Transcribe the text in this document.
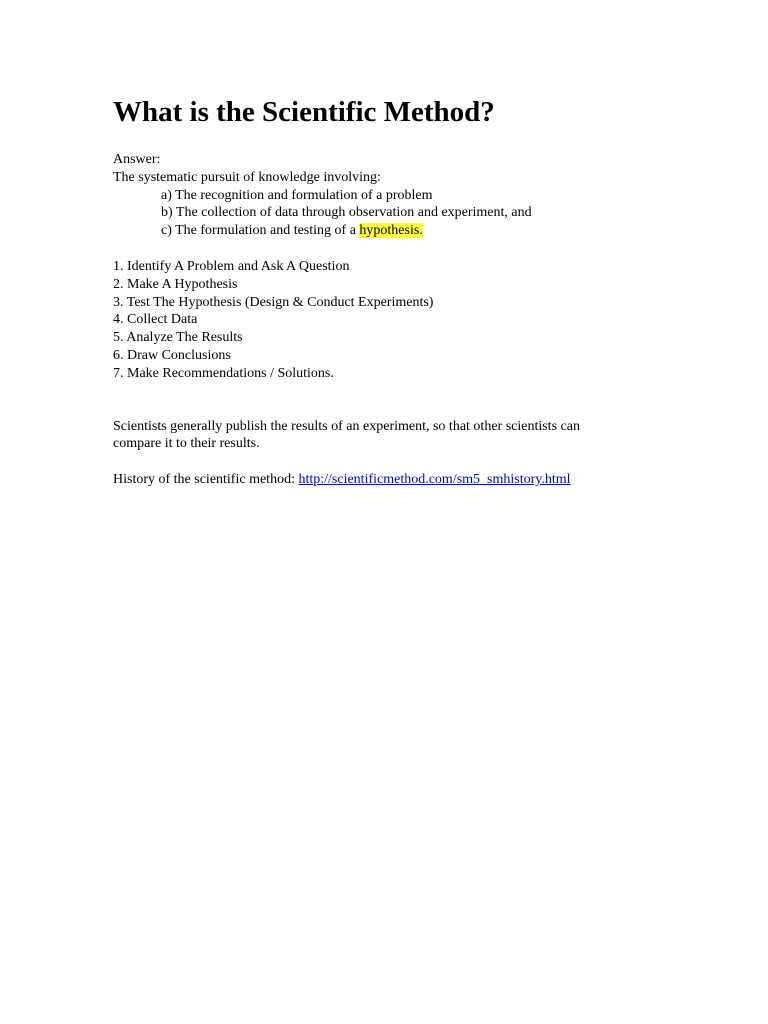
What is the Scientific Method?

Answer:

The systematic pursuit of knowledge involving:

a) The recognition and formulation of a problem

b) The collection of data through observation and experiment, and

c) The formulation and testing of a hypothesis.

1. Identify A Problem and Ask A Question
2. Make A Hypothesis
3. Test The Hypothesis (Design & Conduct Experiments)
4. Collect Data
5. Analyze The Results
6. Draw Conclusions
7. Make Recommendations / Solutions.

Scientists generally publish the results of an experiment, so that other scientists can

compare it to their results.

History of the scientific method: http://scientificmethod.com/sm5_smhistory.html
